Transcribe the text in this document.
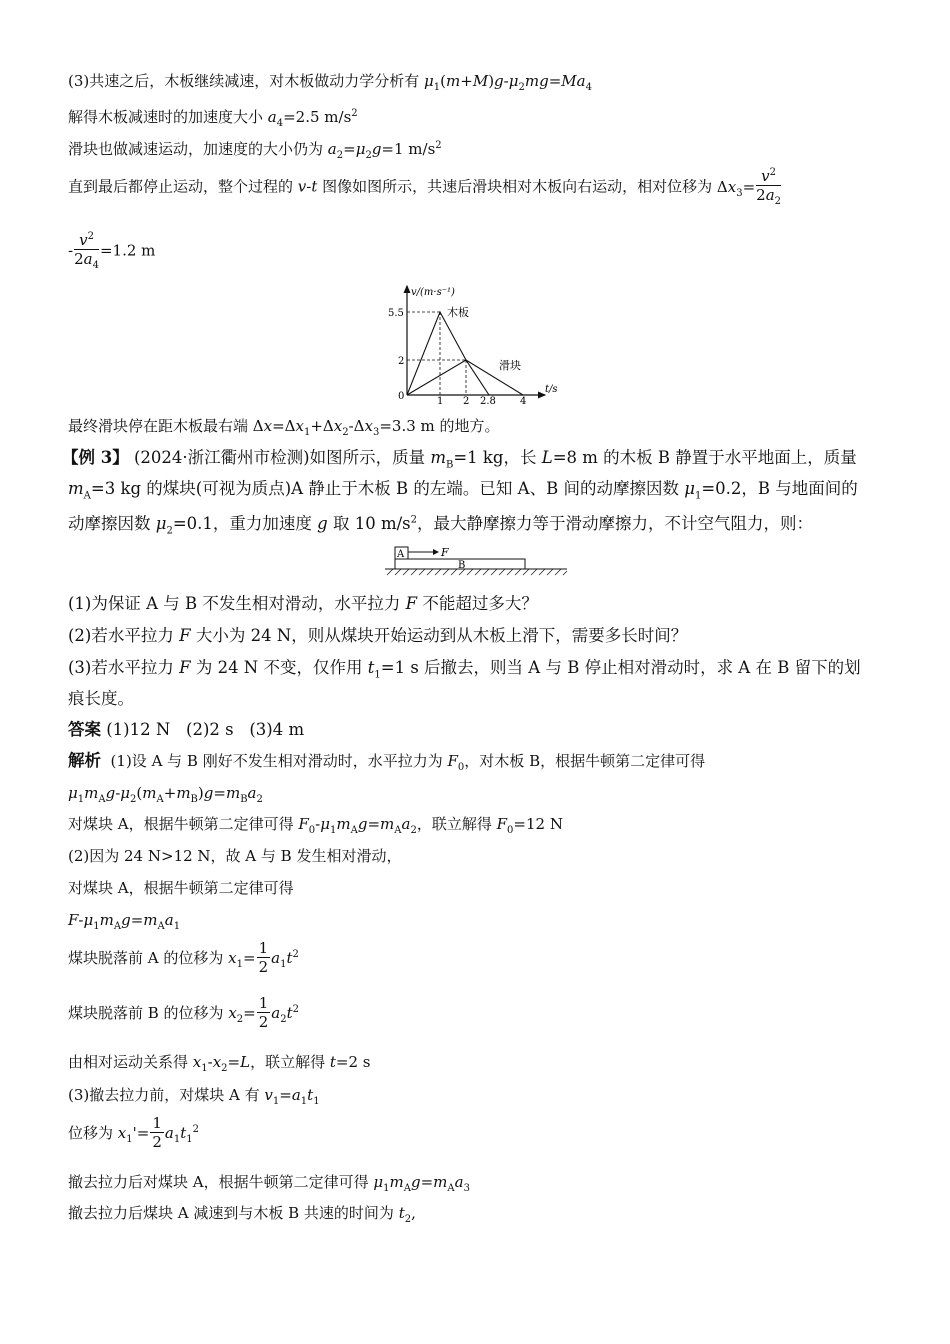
(3)共速之后，木板继续减速，对木板做动力学分析有 $\mu_1(m+M)g-\mu_2mg=Ma_4$
解得木板减速时的加速度大小 $a_4=2.5$ $m/s^2$
滑块也做减速运动，加速度的大小仍为 $a_2=\mu_2g=1$ $m/s^2$
直到最后都停止运动，整个过程的 v-t 图像如图所示，共速后滑块相对木板向右运动，相对位移为 $\Delta x_3= \frac{v^2}{2a_2}$
- $\frac{v^2}{2a_4} =1.2$ m
v/(m·s⁻¹)
t/s
5.5
2
0	1 2 2.8 4
木板
滑块
最终滑块停在距木板最右端 $\Delta x=\Delta x_1+\Delta x_2-\Delta x_3=3.3$ m 的地方。
【例 3】 (2024·浙江衢州市检测)如图所示，质量 $m_B=1$ kg，长 L=8 m 的木板 B 静置于水平地面上，质量
$m_A=3$ kg 的煤块(可视为质点)A 静止于木板 B 的左端。已知 A、B 间的动摩擦因数 $\mu_1=0.2$，B 与地面间的
动摩擦因数 $\mu_2=0.1$，重力加速度 g 取 10 $m/s^2$，最大静摩擦力等于滑动摩擦力，不计空气阻力，则：
A	F
B
(1)为保证 A 与 B 不发生相对滑动，水平拉力 F 不能超过多大？
(2)若水平拉力 F 大小为 24 N，则从煤块开始运动到从木板上滑下，需要多长时间？
(3)若水平拉力 F 为 24 N 不变，仅作用 $t_1=1$ s 后撤去，则当 A 与 B 停止相对滑动时，求 A 在 B 留下的划
痕长度。
答案 (1)12 N   (2)2 s   (3)4 m
解析  (1)设 A 与 B 刚好不发生相对滑动时，水平拉力为 $F_0$，对木板 B，根据牛顿第二定律可得
$\mu_1m_Ag-\mu_2(m_A+m_B)g=m_Ba_2$
对煤块 A，根据牛顿第二定律可得 $F_0-\mu_1m_Ag=m_Aa_2$，联立解得 $F_0=12$ N
(2)因为 24 N>12 N，故 A 与 B 发生相对滑动，
对煤块 A，根据牛顿第二定律可得
$F-\mu_1m_Ag=m_Aa_1$
煤块脱落前 A 的位移为 $x_1= \frac{1}{2} a_1t^2$
煤块脱落前 B 的位移为 $x_2= \frac{1}{2} a_2t^2$
由相对运动关系得 $x_1-x_2=L$，联立解得 t=2 s
(3)撤去拉力前，对煤块 A 有 $v_1=a_1t_1$
位移为 $x_1'= \frac{1}{2} a_1t_1^2$
撤去拉力后对煤块 A，根据牛顿第二定律可得 $\mu_1m_Ag=m_Aa_3$
撤去拉力后煤块 A 减速到与木板 B 共速的时间为 $t_2$,
